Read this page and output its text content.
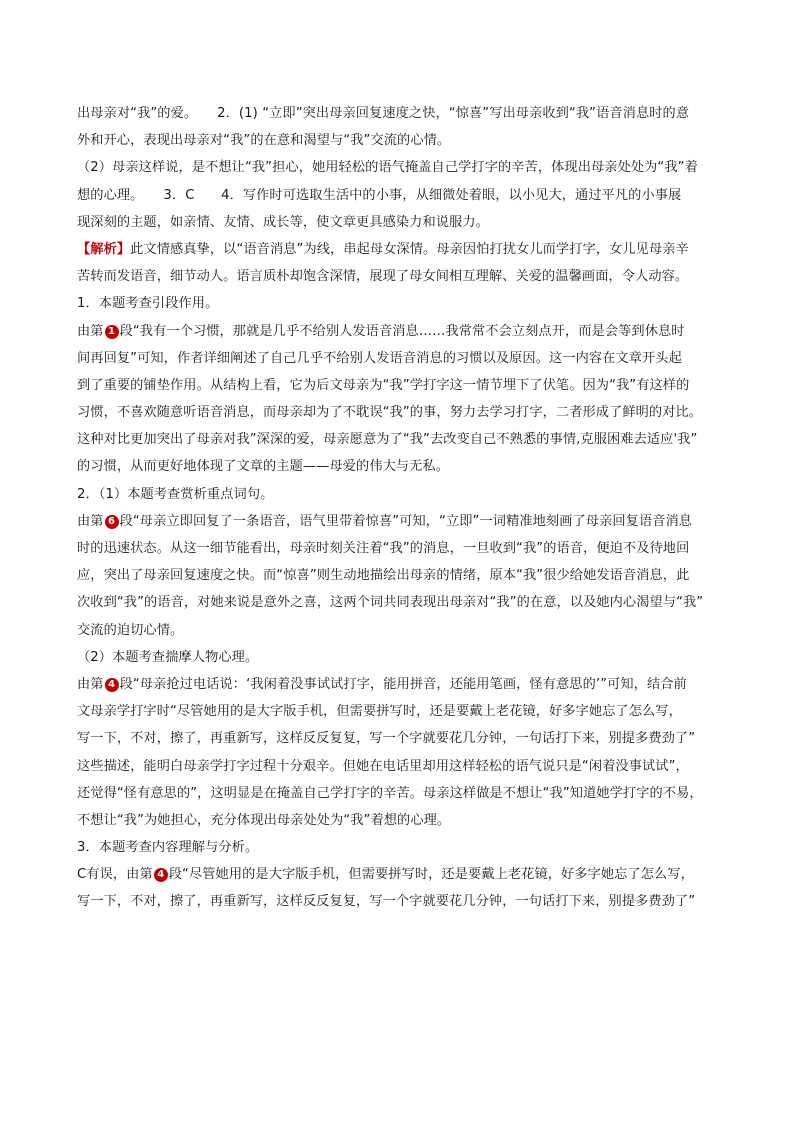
出母亲对“我”的爱。　　2．(1) “立即”突出母亲回复速度之快，“惊喜”写出母亲收到“我”语音消息时的意
外和开心，表现出母亲对“我”的在意和渴望与“我”交流的心情。
（2）母亲这样说，是不想让“我”担心，她用轻松的语气掩盖自己学打字的辛苦，体现出母亲处处为“我”着
想的心理。　　3．C　　4．写作时可选取生活中的小事，从细微处着眼，以小见大，通过平凡的小事展
现深刻的主题，如亲情、友情、成长等，使文章更具感染力和说服力。
【解析】此文情感真挚，以“语音消息”为线，串起母女深情。母亲因怕打扰女儿而学打字，女儿见母亲辛
苦转而发语音，细节动人。语言质朴却饱含深情，展现了母女间相互理解、关爱的温馨画面，令人动容。
1．本题考查引段作用。
由第 1 段“我有一个习惯，那就是几乎不给别人发语音消息……我常常不会立刻点开，而是会等到休息时
间再回复”可知，作者详细阐述了自己几乎不给别人发语音消息的习惯以及原因。这一内容在文章开头起
到了重要的铺垫作用。从结构上看，它为后文母亲为“我”学打字这一情节埋下了伏笔。因为“我”有这样的
习惯，不喜欢随意听语音消息，而母亲却为了不耽误“我”的事，努力去学习打字，二者形成了鲜明的对比。
这种对比更加突出了母亲对我”深深的爱，母亲愿意为了“我”去改变自己不熟悉的事情,克服困难去适应'我”
的习惯，从而更好地体现了文章的主题——母爱的伟大与无私。
2．（1）本题考查赏析重点词句。
由第 6 段“母亲立即回复了一条语音，语气里带着惊喜”可知，“立即”一词精准地刻画了母亲回复语音消息
时的迅速状态。从这一细节能看出，母亲时刻关注着“我”的消息，一旦收到“我”的语音，便迫不及待地回
应，突出了母亲回复速度之快。而“惊喜”则生动地描绘出母亲的情绪，原本“我”很少给她发语音消息，此
次收到“我”的语音，对她来说是意外之喜，这两个词共同表现出母亲对“我”的在意，以及她内心渴望与“我”
交流的迫切心情。
（2）本题考查揣摩人物心理。
由第 4 段“母亲抢过电话说：‘我闲着没事试试打字，能用拼音，还能用笔画，怪有意思的’”可知，结合前
文母亲学打字时“尽管她用的是大字版手机，但需要拼写时，还是要戴上老花镜，好多字她忘了怎么写，
写一下，不对，擦了，再重新写，这样反反复复，写一个字就要花几分钟，一句话打下来，别提多费劲了”
这些描述，能明白母亲学打字过程十分艰辛。但她在电话里却用这样轻松的语气说只是“闲着没事试试”，
还觉得“怪有意思的”，这明显是在掩盖自己学打字的辛苦。母亲这样做是不想让“我”知道她学打字的不易，
不想让“我”为她担心，充分体现出母亲处处为“我”着想的心理。
3．本题考查内容理解与分析。
C有误，由第 4 段“尽管她用的是大字版手机，但需要拼写时，还是要戴上老花镜，好多字她忘了怎么写，
写一下，不对，擦了，再重新写，这样反反复复，写一个字就要花几分钟，一句话打下来，别提多费劲了”
